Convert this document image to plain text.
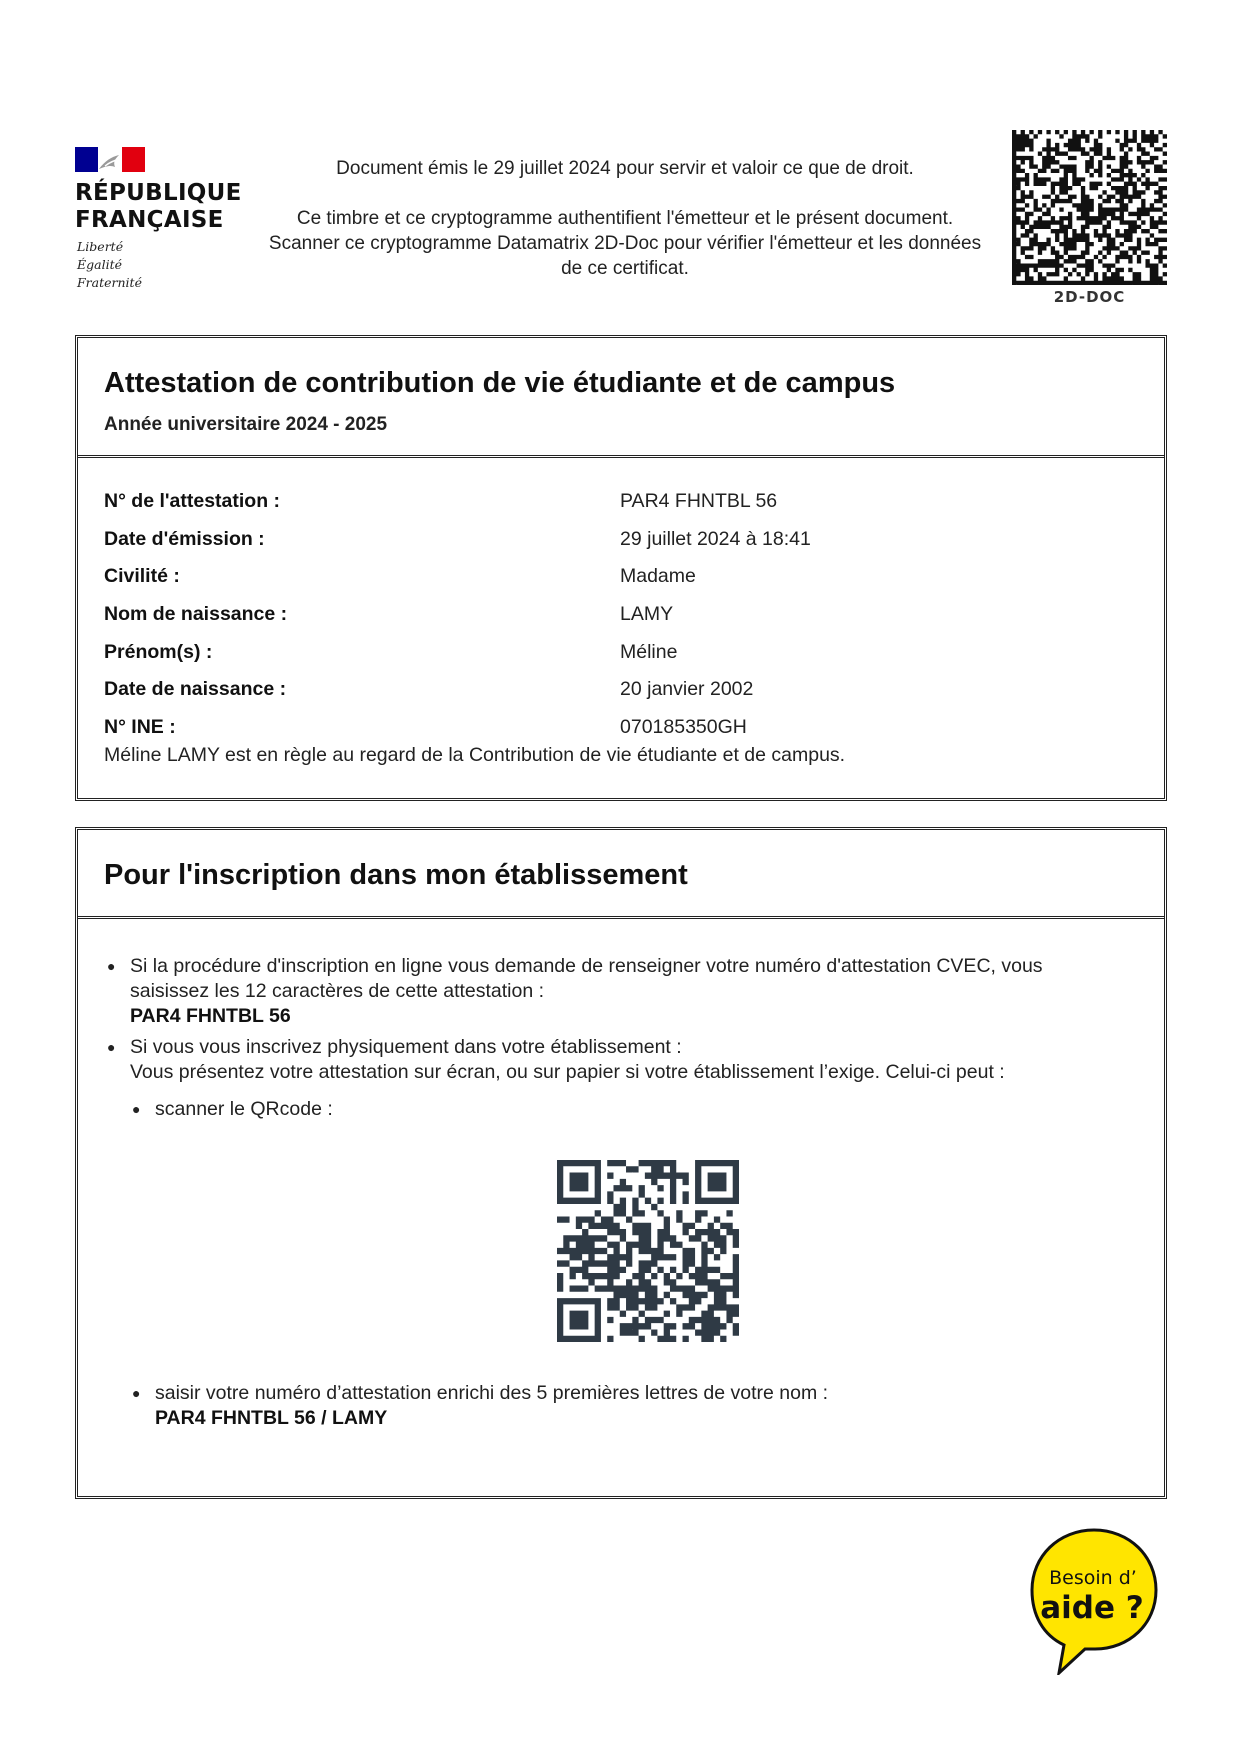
RÉPUBLIQUE
FRANÇAISE
Liberté
Égalité
Fraternité

Document émis le 29 juillet 2024 pour servir et valoir ce que de droit.

Ce timbre et ce cryptogramme authentifient l'émetteur et le présent document. Scanner ce cryptogramme Datamatrix 2D-Doc pour vérifier l'émetteur et les données de ce certificat.

2D-DOC
Attestation de contribution de vie étudiante et de campus
Année universitaire 2024 - 2025
N° de l'attestation :	PAR4 FHNTBL 56
Date d'émission :	29 juillet 2024 à 18:41
Civilité :	Madame
Nom de naissance :	LAMY
Prénom(s) :	Méline
Date de naissance :	20 janvier 2002
N° INE :	070185350GH
Méline LAMY est en règle au regard de la Contribution de vie étudiante et de campus.
Pour l'inscription dans mon établissement
● Si la procédure d'inscription en ligne vous demande de renseigner votre numéro d'attestation CVEC, vous
saisissez les 12 caractères de cette attestation :
PAR4 FHNTBL 56
● Si vous vous inscrivez physiquement dans votre établissement :
Vous présentez votre attestation sur écran, ou sur papier si votre établissement l’exige. Celui-ci peut :
● scanner le QRcode :
● saisir votre numéro d’attestation enrichi des 5 premières lettres de votre nom :
PAR4 FHNTBL 56 / LAMY
Besoin d’
aide ?
